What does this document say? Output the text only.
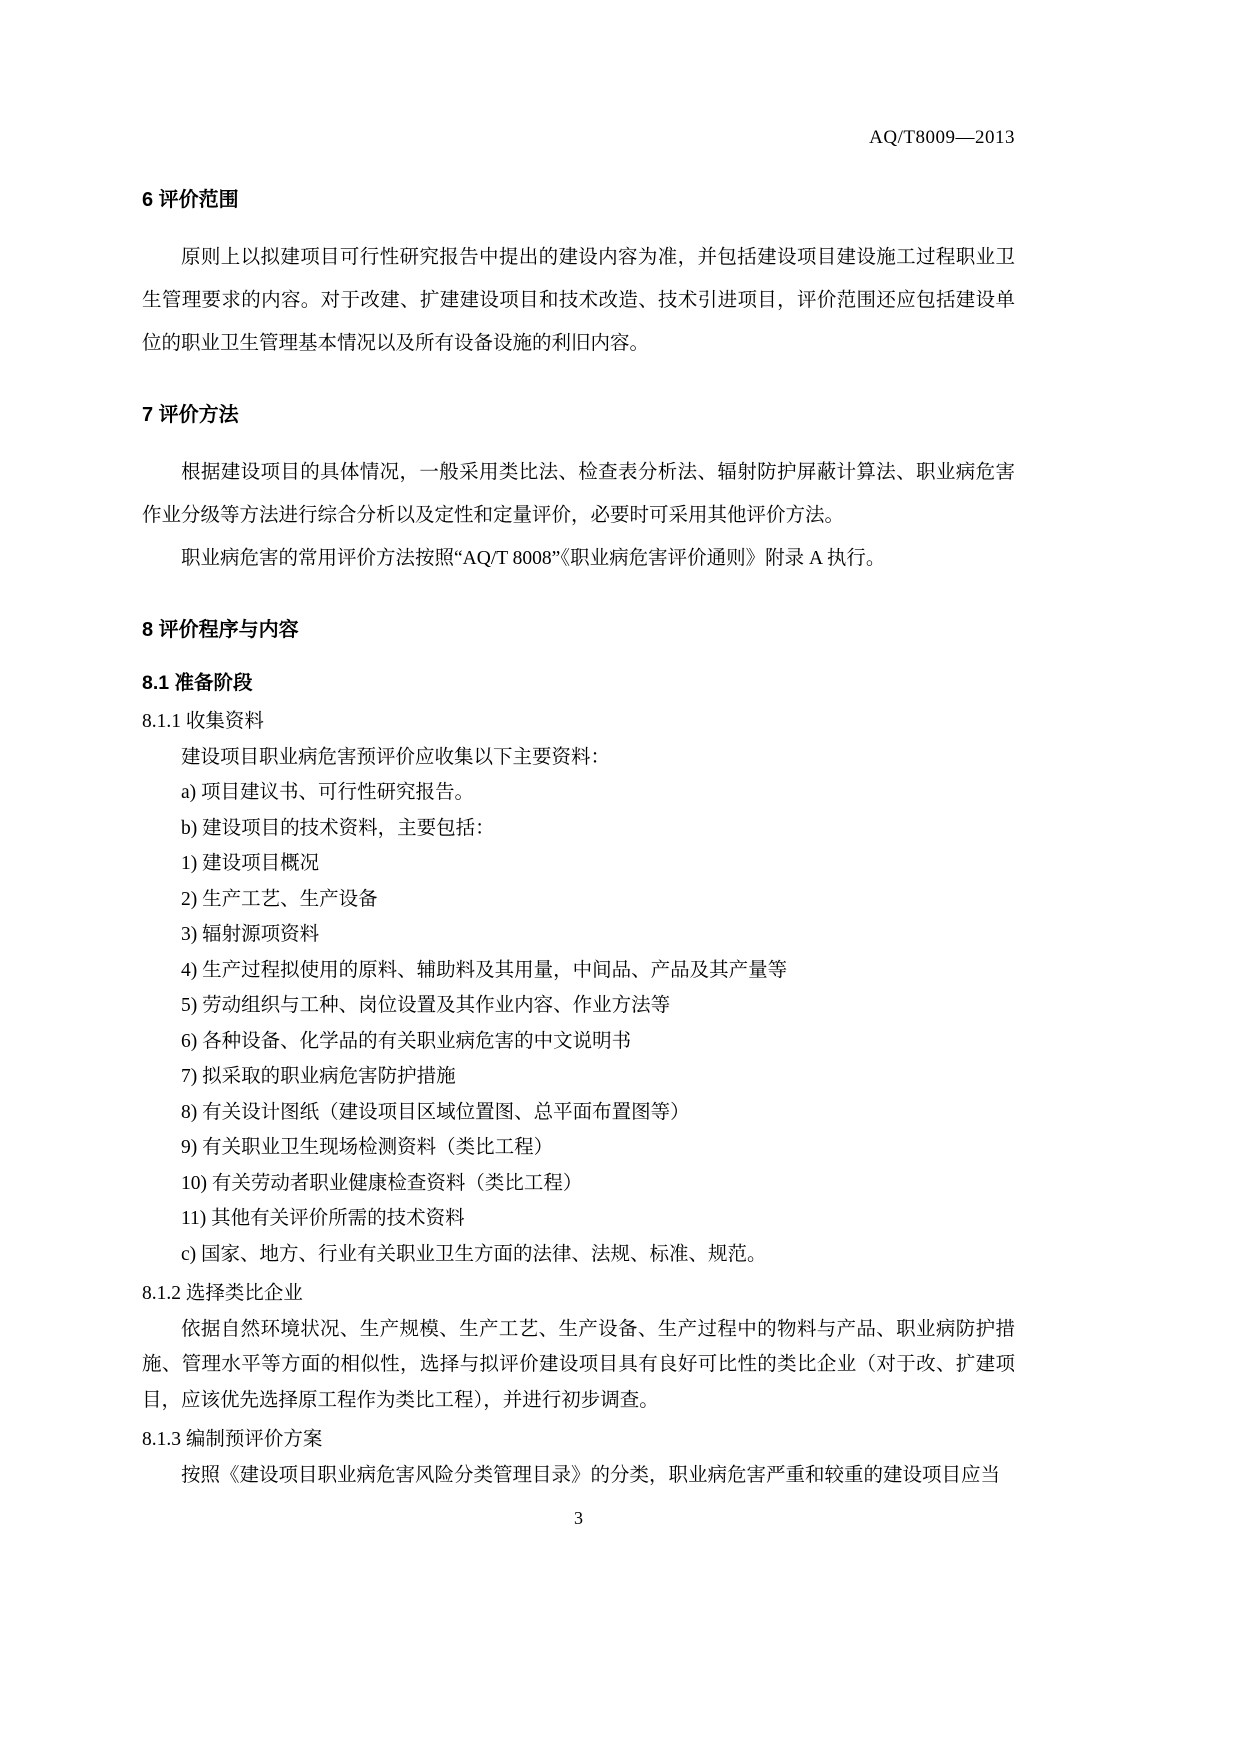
AQ/T8009—2013
6 评价范围

原则上以拟建项目可行性研究报告中提出的建设内容为准，并包括建设项目建设施工过程职业卫生管理要求的内容。对于改建、扩建建设项目和技术改造、技术引进项目，评价范围还应包括建设单位的职业卫生管理基本情况以及所有设备设施的利旧内容。

7 评价方法

根据建设项目的具体情况，一般采用类比法、检查表分析法、辐射防护屏蔽计算法、职业病危害作业分级等方法进行综合分析以及定性和定量评价，必要时可采用其他评价方法。

职业病危害的常用评价方法按照“AQ/T 8008”《职业病危害评价通则》附录 A 执行。

8 评价程序与内容
8.1 准备阶段

8.1.1 收集资料

建设项目职业病危害预评价应收集以下主要资料：

a) 项目建议书、可行性研究报告。

b) 建设项目的技术资料，主要包括：

1) 建设项目概况

2) 生产工艺、生产设备

3) 辐射源项资料

4) 生产过程拟使用的原料、辅助料及其用量，中间品、产品及其产量等

5) 劳动组织与工种、岗位设置及其作业内容、作业方法等

6) 各种设备、化学品的有关职业病危害的中文说明书

7) 拟采取的职业病危害防护措施

8) 有关设计图纸（建设项目区域位置图、总平面布置图等）

9) 有关职业卫生现场检测资料（类比工程）

10) 有关劳动者职业健康检查资料（类比工程）

11) 其他有关评价所需的技术资料

c) 国家、地方、行业有关职业卫生方面的法律、法规、标准、规范。

8.1.2 选择类比企业

依据自然环境状况、生产规模、生产工艺、生产设备、生产过程中的物料与产品、职业病防护措施、管理水平等方面的相似性，选择与拟评价建设项目具有良好可比性的类比企业（对于改、扩建项目，应该优先选择原工程作为类比工程），并进行初步调查。

8.1.3 编制预评价方案

按照《建设项目职业病危害风险分类管理目录》的分类，职业病危害严重和较重的建设项目应当

3
